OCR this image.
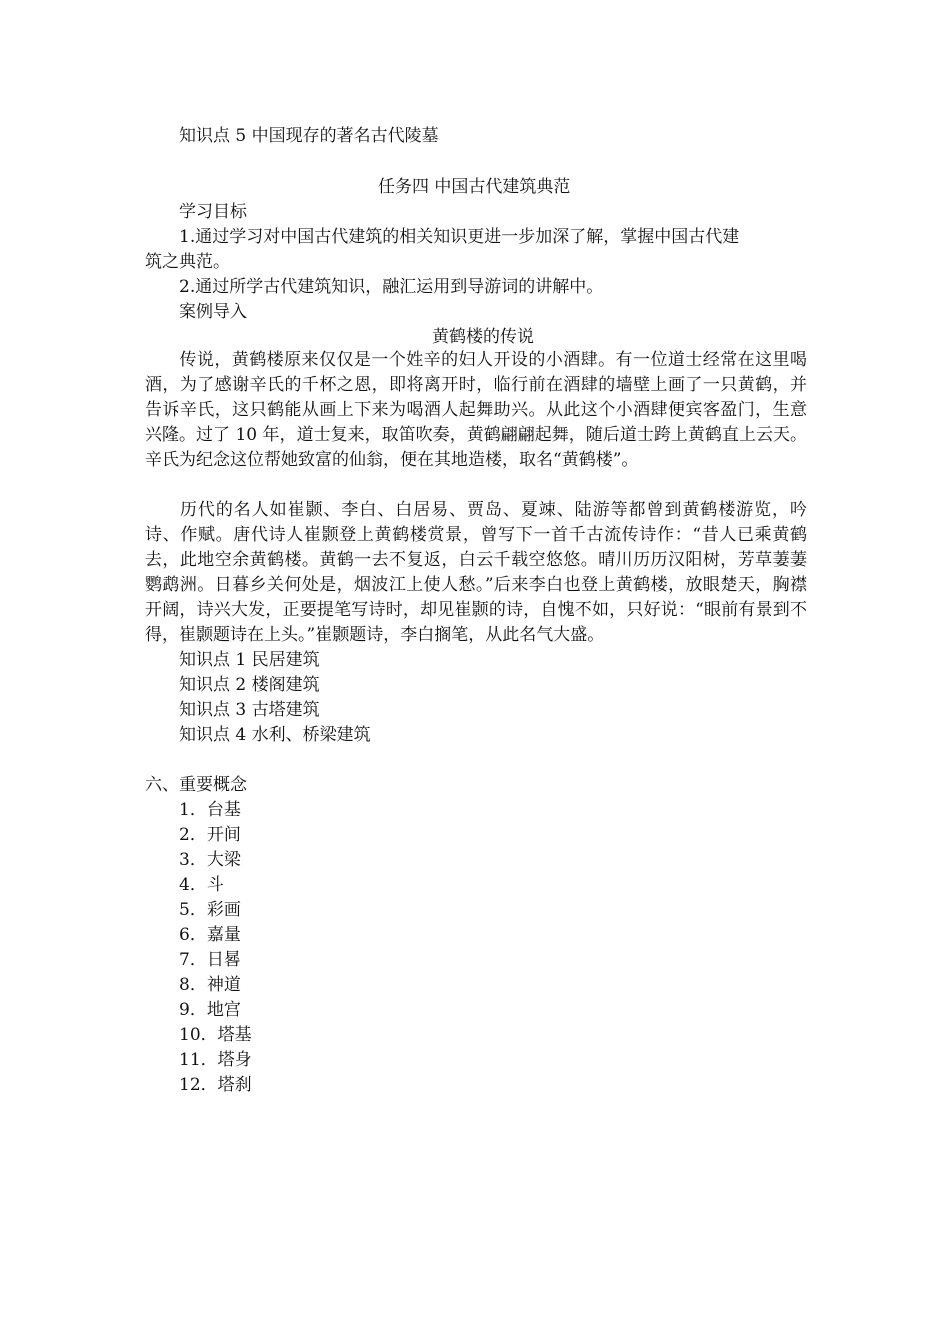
知识点 5 中国现存的著名古代陵墓
任务四 中国古代建筑典范
学习目标
1.通过学习对中国古代建筑的相关知识更进一步加深了解，掌握中国古代建
筑之典范。
2.通过所学古代建筑知识，融汇运用到导游词的讲解中。
案例导入
黄鹤楼的传说
传说，黄鹤楼原来仅仅是一个姓辛的妇人开设的小酒肆。有一位道士经常在这里喝酒，为了感谢辛氏的千杯之恩，即将离开时，临行前在酒肆的墙壁上画了一只黄鹤，并告诉辛氏，这只鹤能从画上下来为喝酒人起舞助兴。从此这个小酒肆便宾客盈门，生意兴隆。过了 10 年，道士复来，取笛吹奏，黄鹤翩翩起舞，随后道士跨上黄鹤直上云天。辛氏为纪念这位帮她致富的仙翁，便在其地造楼，取名“黄鹤楼”。
历代的名人如崔颢、李白、白居易、贾岛、夏竦、陆游等都曾到黄鹤楼游览，吟诗、作赋。唐代诗人崔颢登上黄鹤楼赏景，曾写下一首千古流传诗作：“昔人已乘黄鹤去，此地空余黄鹤楼。黄鹤一去不复返，白云千载空悠悠。晴川历历汉阳树，芳草萋萋鹦鹉洲。日暮乡关何处是，烟波江上使人愁。”后来李白也登上黄鹤楼，放眼楚天，胸襟开阔，诗兴大发，正要提笔写诗时，却见崔颢的诗，自愧不如，只好说：“眼前有景到不得，崔颢题诗在上头。”崔颢题诗，李白搁笔，从此名气大盛。
知识点 1 民居建筑
知识点 2 楼阁建筑
知识点 3 古塔建筑
知识点 4 水利、桥梁建筑
六、重要概念
1．台基
2．开间
3．大梁
4．斗
5．彩画
6．嘉量
7．日晷
8．神道
9．地宫
10．塔基
11．塔身
12．塔刹
